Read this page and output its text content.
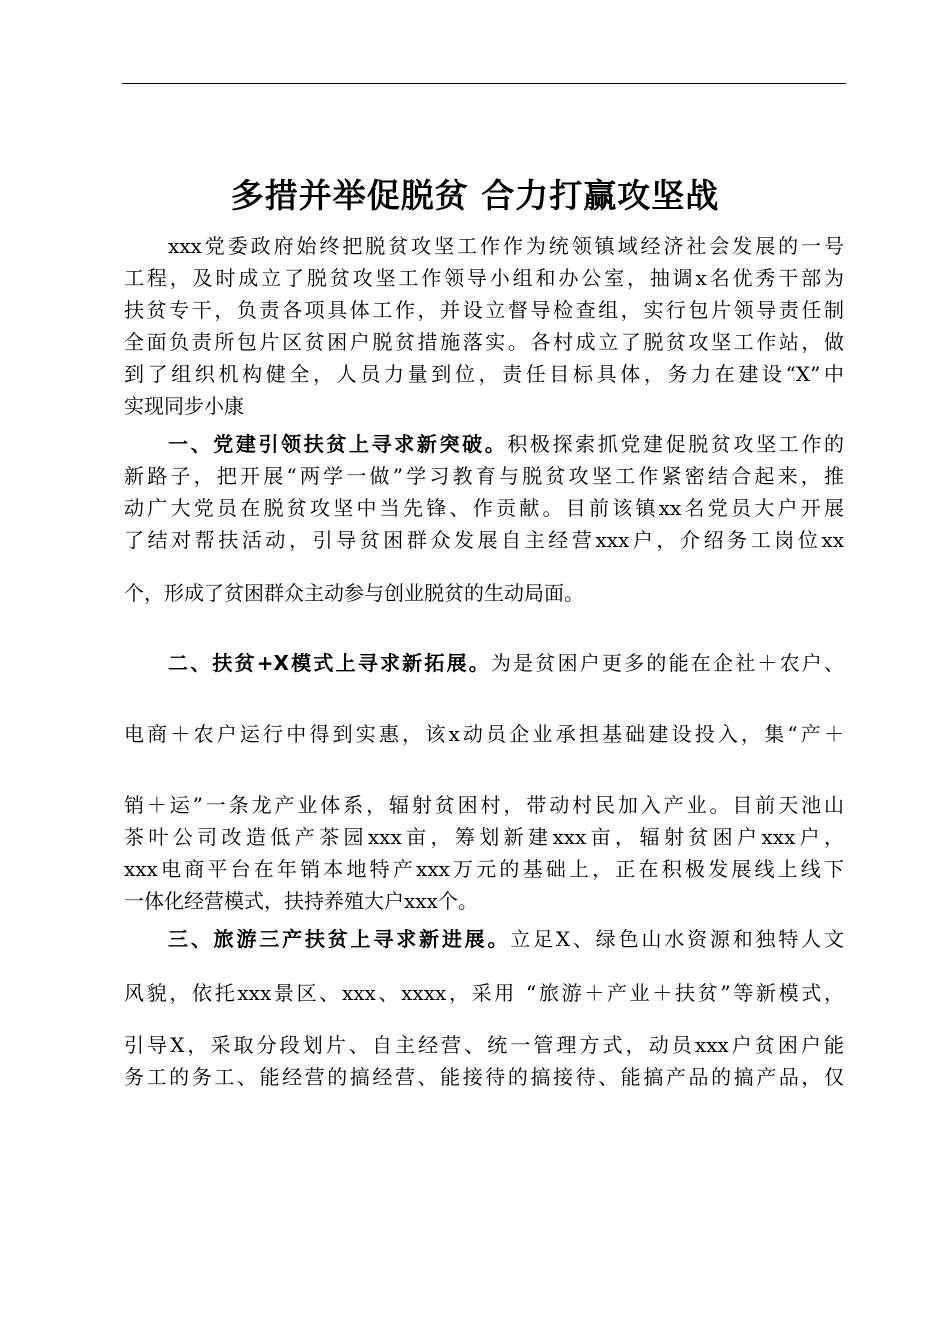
多措并举促脱贫 合力打赢攻坚战
xxx党委政府始终把脱贫攻坚工作作为统领镇域经济社会发展的一号
工程，及时成立了脱贫攻坚工作领导小组和办公室，抽调x名优秀干部为
扶贫专干，负责各项具体工作，并设立督导检查组，实行包片领导责任制
全面负责所包片区贫困户脱贫措施落实。各村成立了脱贫攻坚工作站，做
到了组织机构健全，人员力量到位，责任目标具体，务力在建设“X”中
实现同步小康
一、党建引领扶贫上寻求新突破。积极探索抓党建促脱贫攻坚工作的
新路子，把开展“两学一做”学习教育与脱贫攻坚工作紧密结合起来，推
动广大党员在脱贫攻坚中当先锋、作贡献。目前该镇xx名党员大户开展
了结对帮扶活动，引导贫困群众发展自主经营xxx户，介绍务工岗位xx
个，形成了贫困群众主动参与创业脱贫的生动局面。
二、扶贫+X模式上寻求新拓展。为是贫困户更多的能在企社＋农户、
电商＋农户运行中得到实惠，该x动员企业承担基础建设投入，集“产＋
销＋运”一条龙产业体系，辐射贫困村，带动村民加入产业。目前天池山
茶叶公司改造低产茶园xxx亩，筹划新建xxx亩，辐射贫困户xxx户，
xxx电商平台在年销本地特产xxx万元的基础上，正在积极发展线上线下
一体化经营模式，扶持养殖大户xxx个。
三、旅游三产扶贫上寻求新进展。立足X、绿色山水资源和独特人文
风貌，依托xxx景区、xxx、xxxx，采用 “旅游＋产业＋扶贫”等新模式，
引导X，采取分段划片、自主经营、统一管理方式，动员xxx户贫困户能
务工的务工、能经营的搞经营、能接待的搞接待、能搞产品的搞产品，仅
